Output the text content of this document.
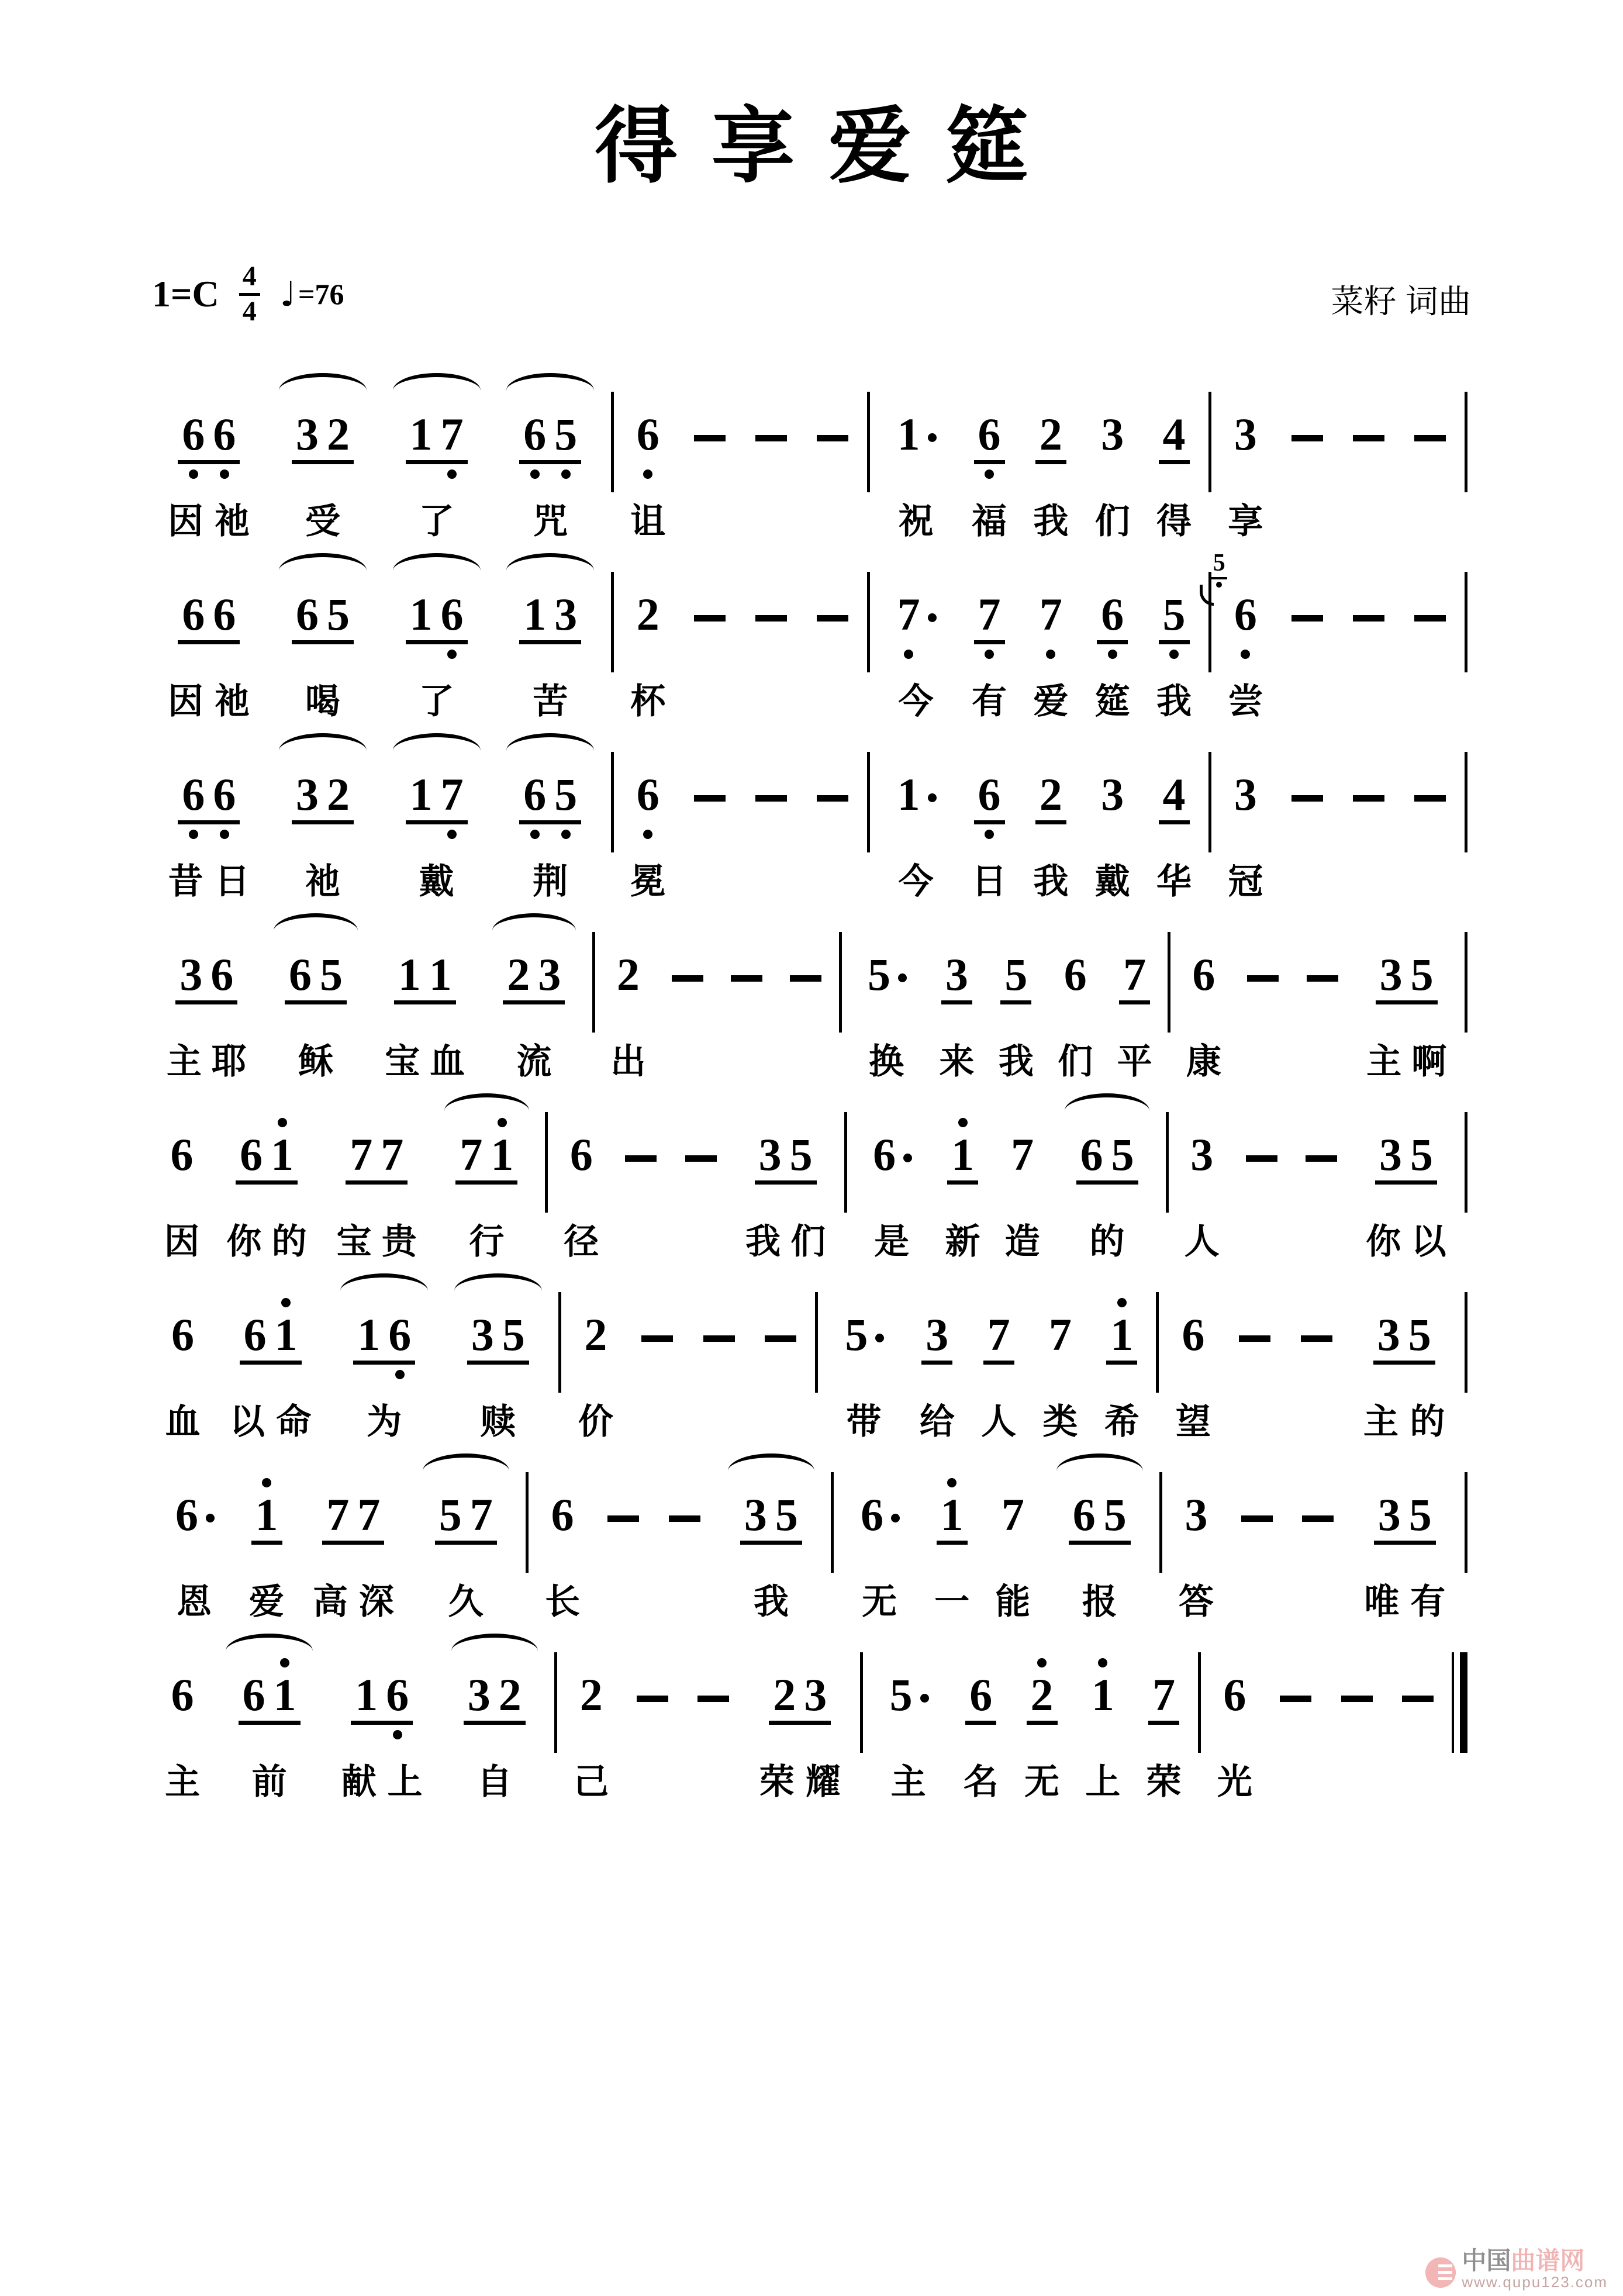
得享爱筵
$1=C \frac{4}{4}$ ♩ =76	菜籽 词曲
6 6
因 祂
3 2
受
1 7
了
6 5
咒
6
诅
1
祝
6
福
2
我
3
们
4
得
3
享
6 6
因 祂
6 5
喝
1 6
了
1 3
苦
2
杯
7
今
7
有
7
爱
6
筵
5
我
5
6
尝
6 6
昔 日
3 2
祂
1 7
戴
6 5
荆
6
冕
1
今
6
日
2
我
3
戴
4
华
3
冠
3 6
主 耶
6 5
稣
1 1
宝 血
2 3
流
2
出
5
换
3
来
5
我
6
们
7
平
6
康
3 5
主 啊
6
因
6 1
你 的
7 7
宝 贵
7 1
行
6
径
3 5
我 们
6
是
1
新
7
造
6 5
的
3
人
3 5
你 以
6
血
6 1
以 命
1 6
为
3 5
赎
2
价
5
带
3
给
7
人
7
类
1
希
6
望
3 5
主 的
6
恩
1
爱
7 7
高 深
5 7
久
6
长
3 5
我
6
无
1
一
7
能
6 5
报
3
答
3 5
唯 有
6
主
6 1
前
1 6
献 上
3 2
自
2
己
2 3
荣 耀
5
主
6
名
2
无
1
上
7
荣
6
光
中国曲谱网
www.qupu123.com
